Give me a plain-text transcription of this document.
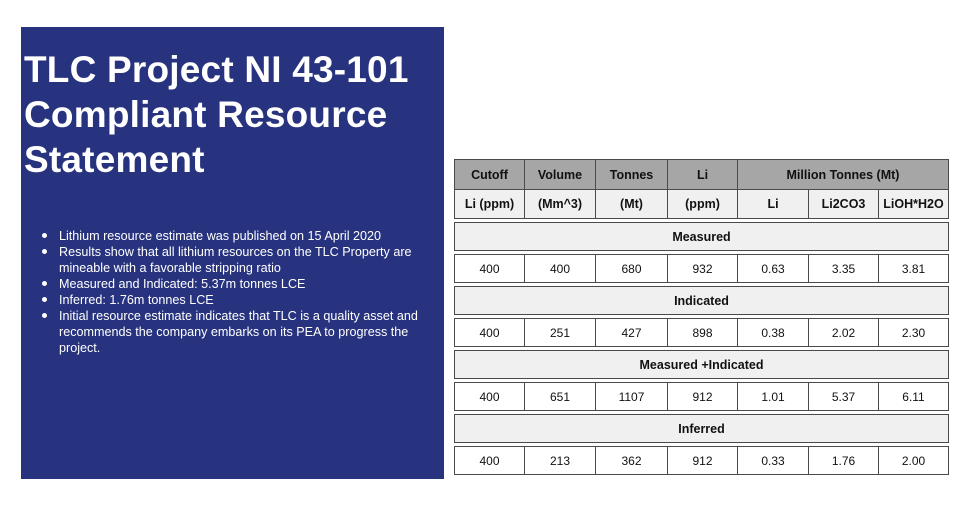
TLC Project NI 43-101
Compliant Resource
Statement
Lithium resource estimate was published on 15 April 2020
Results show that all lithium resources on the TLC Property are mineable with a favorable stripping ratio
Measured and Indicated: 5.37m tonnes LCE
Inferred: 1.76m tonnes LCE
Initial resource estimate indicates that TLC is a quality asset and recommends the company embarks on its PEA to progress the project.
Cutoff	Volume	Tonnes	Li	Million Tonnes (Mt)		
Li (ppm)	(Mm^3)	(Mt)	(ppm)	Li	Li2CO3	LiOH*H2O

Measured						

400	400	680	932	0.63	3.35	3.81

Indicated						

400	251	427	898	0.38	2.02	2.30

Measured +Indicated						

400	651	1107	912	1.01	5.37	6.11

Inferred						

400	213	362	912	0.33	1.76	2.00
